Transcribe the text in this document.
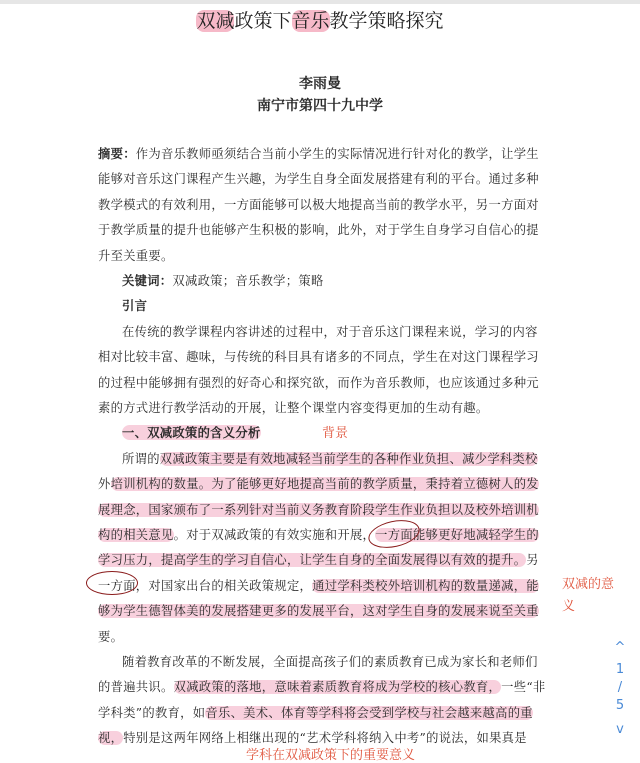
双减政策下音乐教学策略探究
李雨曼
南宁市第四十九中学
摘要：作为音乐教师亟须结合当前小学生的实际情况进行针对化的教学，让学生
能够对音乐这门课程产生兴趣，为学生自身全面发展搭建有利的平台。通过多种
教学模式的有效利用，一方面能够可以极大地提高当前的教学水平，另一方面对
于教学质量的提升也能够产生积极的影响，此外，对于学生自身学习自信心的提
升至关重要。
关键词：双减政策；音乐教学；策略
引言
在传统的教学课程内容讲述的过程中，对于音乐这门课程来说，学习的内容
相对比较丰富、趣味，与传统的科目具有诸多的不同点，学生在对这门课程学习
的过程中能够拥有强烈的好奇心和探究欲，而作为音乐教师，也应该通过多种元
素的方式进行教学活动的开展，让整个课堂内容变得更加的生动有趣。
一、双减政策的含义分析
所谓的双减政策主要是有效地减轻当前学生的各种作业负担、减少学科类校
外培训机构的数量。为了能够更好地提高当前的教学质量，秉持着立德树人的发
展理念，国家颁布了一系列针对当前义务教育阶段学生作业负担以及校外培训机
构的相关意见。对于双减政策的有效实施和开展，一方面能够更好地减轻学生的
学习压力，提高学生的学习自信心，让学生自身的全面发展得以有效的提升。另
一方面，对国家出台的相关政策规定，通过学科类校外培训机构的数量递减，能
够为学生德智体美的发展搭建更多的发展平台，这对学生自身的发展来说至关重
要。
随着教育改革的不断发展，全面提高孩子们的素质教育已成为家长和老师们
的普遍共识。双减政策的落地，意味着素质教育将成为学校的核心教育，一些“非
学科类”的教育，如音乐、美术、体育等学科将会受到学校与社会越来越高的重
视，特别是这两年网络上相继出现的“艺术学科将纳入中考”的说法，如果真是
背景
双减的意义
学科在双减政策下的重要意义
^
1
/
5
v
